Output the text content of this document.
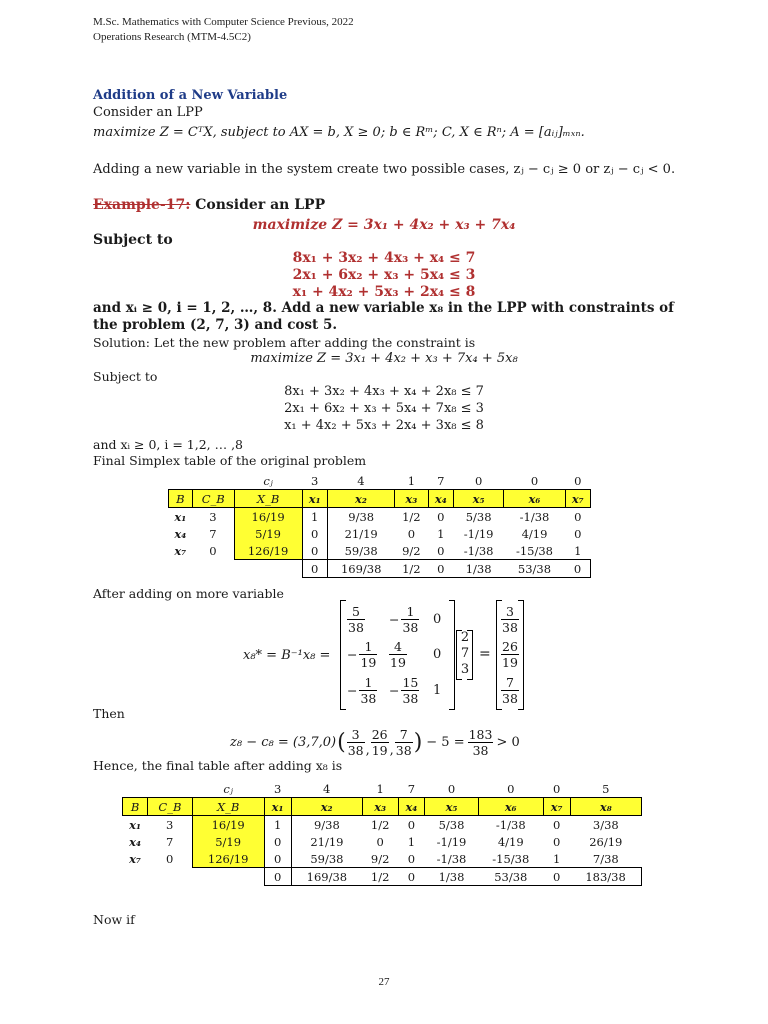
M.Sc. Mathematics with Computer Science Previous, 2022
Operations Research (MTM-4.5C2)
Addition of a New Variable
Consider an LPP
maximize Z = CᵀX, subject to AX = b, X ≥ 0; b ∈ Rᵐ; C, X ∈ Rⁿ; A = [aᵢⱼ]ₘₓₙ.
Adding a new variable in the system create two possible cases, zⱼ − cⱼ ≥ 0 or zⱼ − cⱼ < 0.
Example-17: Consider an LPP
maximize Z = 3x₁ + 4x₂ + x₃ + 7x₄
Subject to
8x₁ + 3x₂ + 4x₃ + x₄ ≤ 7
2x₁ + 6x₂ + x₃ + 5x₄ ≤ 3
x₁ + 4x₂ + 5x₃ + 2x₄ ≤ 8
and xᵢ ≥ 0, i = 1, 2, …, 8. Add a new variable x₈ in the LPP with constraints of
the problem (2, 7, 3) and cost 5.
Solution: Let the new problem after adding the constraint is
maximize Z = 3x₁ + 4x₂ + x₃ + 7x₄ + 5x₈
Subject to
8x₁ + 3x₂ + 4x₃ + x₄ + 2x₈ ≤ 7
2x₁ + 6x₂ + x₃ + 5x₄ + 7x₈ ≤ 3
x₁ + 4x₂ + 5x₃ + 2x₄ + 3x₈ ≤ 8
and xᵢ ≥ 0, i = 1,2, … ,8
Final Simplex table of the original problem
		cⱼ	3	4	1	7	0	0	0
B	C_B	X_B	x₁	x₂	x₃	x₄	x₅	x₆	x₇
x₁	3	16/19	1	9/38	1/2	0	5/38	-1/38	0
x₄	7	5/19	0	21/19	0	1	-1/19	4/19	0
x₇	0	126/19	0	59/38	9/2	0	-1/38	-15/38	1
			0	169/38	1/2	0	1/38	53/38	0
After adding on more variable
x₈* = B⁻¹x₈ =
$\frac{5}{38} - \frac{1}{38} 0$
− $\frac{1}{19} \frac{4}{19} 0$
− $\frac{1}{38} - \frac{15}{38} 1$
2
7
3
=
$\frac{3}{38}$
$\frac{26}{19}$
$\frac{7}{38}$
Then
z₈ − c₈ = (3,7,0) ( $\frac{3}{38}$ , $\frac{26}{19}$ , $\frac{7}{38}$ ) − $5 = \frac{183}{38} > 0$
Hence, the final table after adding x₈ is
		cⱼ	3	4	1	7	0	0	0	5
B	C_B	X_B	x₁	x₂	x₃	x₄	x₅	x₆	x₇	x₈
x₁	3	16/19	1	9/38	1/2	0	5/38	-1/38	0	3/38
x₄	7	5/19	0	21/19	0	1	-1/19	4/19	0	26/19
x₇	0	126/19	0	59/38	9/2	0	-1/38	-15/38	1	7/38
			0	169/38	1/2	0	1/38	53/38	0	183/38
Now if
27
